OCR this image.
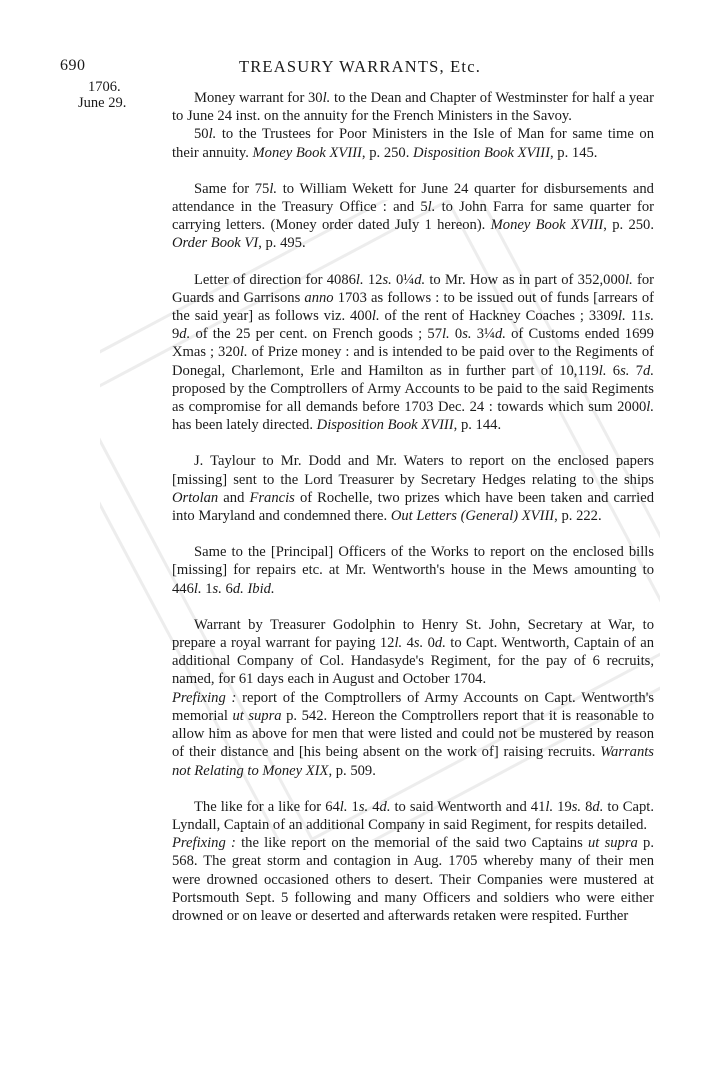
690	TREASURY WARRANTS, Etc.
1706.
June 29.	Money warrant for 30l. to the Dean and Chapter of Westminster for half a year to June 24 inst. on the annuity for the French Ministers in the Savoy.

50l. to the Trustees for Poor Ministers in the Isle of Man for same time on their annuity. Money Book XVIII, p. 250. Disposition Book XVIII, p. 145.

Same for 75l. to William Wekett for June 24 quarter for disbursements and attendance in the Treasury Office : and 5l. to John Farra for same quarter for carrying letters. (Money order dated July 1 hereon). Money Book XVIII, p. 250. Order Book VI, p. 495.

Letter of direction for 4086l. 12s. 0¼d. to Mr. How as in part of 352,000l. for Guards and Garrisons anno 1703 as follows : to be issued out of funds [arrears of the said year] as follows viz. 400l. of the rent of Hackney Coaches ; 3309l. 11s. 9d. of the 25 per cent. on French goods ; 57l. 0s. 3¼d. of Customs ended 1699 Xmas ; 320l. of Prize money : and is intended to be paid over to the Regiments of Donegal, Charlemont, Erle and Hamilton as in further part of 10,119l. 6s. 7d. proposed by the Comptrollers of Army Accounts to be paid to the said Regiments as compromise for all demands before 1703 Dec. 24 : towards which sum 2000l. has been lately directed. Disposition Book XVIII, p. 144.

J. Taylour to Mr. Dodd and Mr. Waters to report on the enclosed papers [missing] sent to the Lord Treasurer by Secretary Hedges relating to the ships Ortolan and Francis of Rochelle, two prizes which have been taken and carried into Maryland and condemned there. Out Letters (General) XVIII, p. 222.

Same to the [Principal] Officers of the Works to report on the enclosed bills [missing] for repairs etc. at Mr. Wentworth's house in the Mews amounting to 446l. 1s. 6d. Ibid.

Warrant by Treasurer Godolphin to Henry St. John, Secretary at War, to prepare a royal warrant for paying 12l. 4s. 0d. to Capt. Wentworth, Captain of an additional Company of Col. Handasyde's Regiment, for the pay of 6 recruits, named, for 61 days each in August and October 1704.

Prefixing : report of the Comptrollers of Army Accounts on Capt. Wentworth's memorial ut supra p. 542. Hereon the Comptrollers report that it is reasonable to allow him as above for men that were listed and could not be mustered by reason of their distance and [his being absent on the work of] raising recruits. Warrants not Relating to Money XIX, p. 509.

The like for a like for 64l. 1s. 4d. to said Wentworth and 41l. 19s. 8d. to Capt. Lyndall, Captain of an additional Company in said Regiment, for respits detailed.

Prefixing : the like report on the memorial of the said two Captains ut supra p. 568. The great storm and contagion in Aug. 1705 whereby many of their men were drowned occasioned others to desert. Their Companies were mustered at Portsmouth Sept. 5 following and many Officers and soldiers who were either drowned or on leave or deserted and afterwards retaken were respited. Further
